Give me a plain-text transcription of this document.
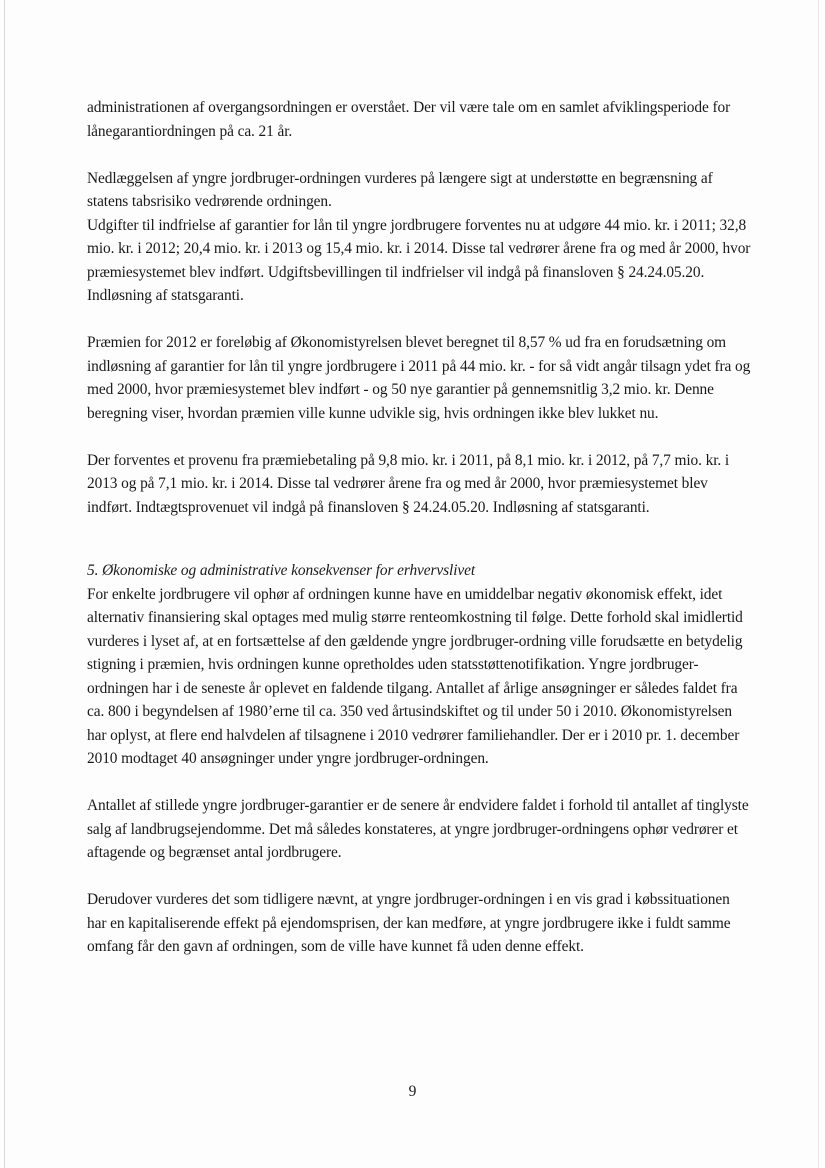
administrationen af overgangsordningen er overstået. Der vil være tale om en samlet afviklingsperiode for lånegarantiordningen på ca. 21 år.

Nedlæggelsen af yngre jordbruger-ordningen vurderes på længere sigt at understøtte en begrænsning af statens tabsrisiko vedrørende ordningen.

Udgifter til indfrielse af garantier for lån til yngre jordbrugere forventes nu at udgøre 44 mio. kr. i 2011; 32,8 mio. kr. i 2012; 20,4 mio. kr. i 2013 og 15,4 mio. kr. i 2014. Disse tal vedrører årene fra og med år 2000, hvor præmiesystemet blev indført. Udgiftsbevillingen til indfrielser vil indgå på finansloven § 24.24.05.20. Indløsning af statsgaranti.

Præmien for 2012 er foreløbig af Økonomistyrelsen blevet beregnet til 8,57 % ud fra en forudsætning om indløsning af garantier for lån til yngre jordbrugere i 2011 på 44 mio. kr. - for så vidt angår tilsagn ydet fra og med 2000, hvor præmiesystemet blev indført - og 50 nye garantier på gennemsnitlig 3,2 mio. kr. Denne beregning viser, hvordan præmien ville kunne udvikle sig, hvis ordningen ikke blev lukket nu.

Der forventes et provenu fra præmiebetaling på 9,8 mio. kr. i 2011, på 8,1 mio. kr. i 2012, på 7,7 mio. kr. i 2013 og på 7,1 mio. kr. i 2014. Disse tal vedrører årene fra og med år 2000, hvor præmiesystemet blev indført. Indtægtsprovenuet vil indgå på finansloven § 24.24.05.20. Indløsning af statsgaranti.

5. Økonomiske og administrative konsekvenser for erhvervslivet

For enkelte jordbrugere vil ophør af ordningen kunne have en umiddelbar negativ økonomisk effekt, idet alternativ finansiering skal optages med mulig større renteomkostning til følge. Dette forhold skal imidlertid vurderes i lyset af, at en fortsættelse af den gældende yngre jordbruger-ordning ville forudsætte en betydelig stigning i præmien, hvis ordningen kunne opretholdes uden statsstøttenotifikation. Yngre jordbruger-ordningen har i de seneste år oplevet en faldende tilgang. Antallet af årlige ansøgninger er således faldet fra ca. 800 i begyndelsen af 1980’erne til ca. 350 ved årtusindskiftet og til under 50 i 2010. Økonomistyrelsen har oplyst, at flere end halvdelen af tilsagnene i 2010 vedrører familiehandler. Der er i 2010 pr. 1. december 2010 modtaget 40 ansøgninger under yngre jordbruger-ordningen.

Antallet af stillede yngre jordbruger-garantier er de senere år endvidere faldet i forhold til antallet af tinglyste salg af landbrugsejendomme. Det må således konstateres, at yngre jordbruger-ordningens ophør vedrører et aftagende og begrænset antal jordbrugere.

Derudover vurderes det som tidligere nævnt, at yngre jordbruger-ordningen i en vis grad i købssituationen har en kapitaliserende effekt på ejendomsprisen, der kan medføre, at yngre jordbrugere ikke i fuldt samme omfang får den gavn af ordningen, som de ville have kunnet få uden denne effekt.

9
